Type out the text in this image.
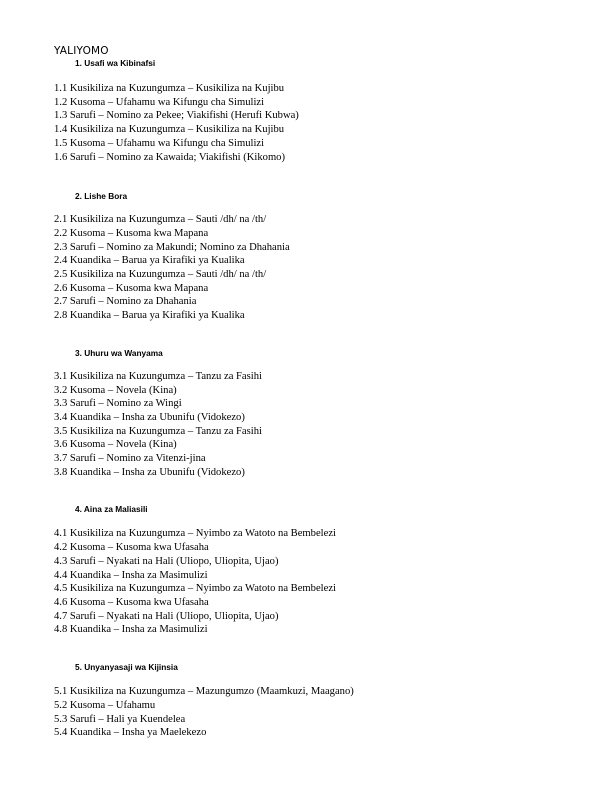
YALIYOMO
1. Usafi wa Kibinafsi
1.1 Kusikiliza na Kuzungumza – Kusikiliza na Kujibu
1.2 Kusoma – Ufahamu wa Kifungu cha Simulizi
1.3 Sarufi – Nomino za Pekee; Viakifishi (Herufi Kubwa)
1.4 Kusikiliza na Kuzungumza – Kusikiliza na Kujibu
1.5 Kusoma – Ufahamu wa Kifungu cha Simulizi
1.6 Sarufi – Nomino za Kawaida; Viakifishi (Kikomo)
2. Lishe Bora
2.1 Kusikiliza na Kuzungumza – Sauti /dh/ na /th/
2.2 Kusoma – Kusoma kwa Mapana
2.3 Sarufi – Nomino za Makundi; Nomino za Dhahania
2.4 Kuandika – Barua ya Kirafiki ya Kualika
2.5 Kusikiliza na Kuzungumza – Sauti /dh/ na /th/
2.6 Kusoma – Kusoma kwa Mapana
2.7 Sarufi – Nomino za Dhahania
2.8 Kuandika – Barua ya Kirafiki ya Kualika
3. Uhuru wa Wanyama
3.1 Kusikiliza na Kuzungumza – Tanzu za Fasihi
3.2 Kusoma – Novela (Kina)
3.3 Sarufi – Nomino za Wingi
3.4 Kuandika – Insha za Ubunifu (Vidokezo)
3.5 Kusikiliza na Kuzungumza – Tanzu za Fasihi
3.6 Kusoma – Novela (Kina)
3.7 Sarufi – Nomino za Vitenzi-jina
3.8 Kuandika – Insha za Ubunifu (Vidokezo)
4. Aina za Maliasili
4.1 Kusikiliza na Kuzungumza – Nyimbo za Watoto na Bembelezi
4.2 Kusoma – Kusoma kwa Ufasaha
4.3 Sarufi – Nyakati na Hali (Uliopo, Uliopita, Ujao)
4.4 Kuandika – Insha za Masimulizi
4.5 Kusikiliza na Kuzungumza – Nyimbo za Watoto na Bembelezi
4.6 Kusoma – Kusoma kwa Ufasaha
4.7 Sarufi – Nyakati na Hali (Uliopo, Uliopita, Ujao)
4.8 Kuandika – Insha za Masimulizi
5. Unyanyasaji wa Kijinsia
5.1 Kusikiliza na Kuzungumza – Mazungumzo (Maamkuzi, Maagano)
5.2 Kusoma – Ufahamu
5.3 Sarufi – Hali ya Kuendelea
5.4 Kuandika – Insha ya Maelekezo
